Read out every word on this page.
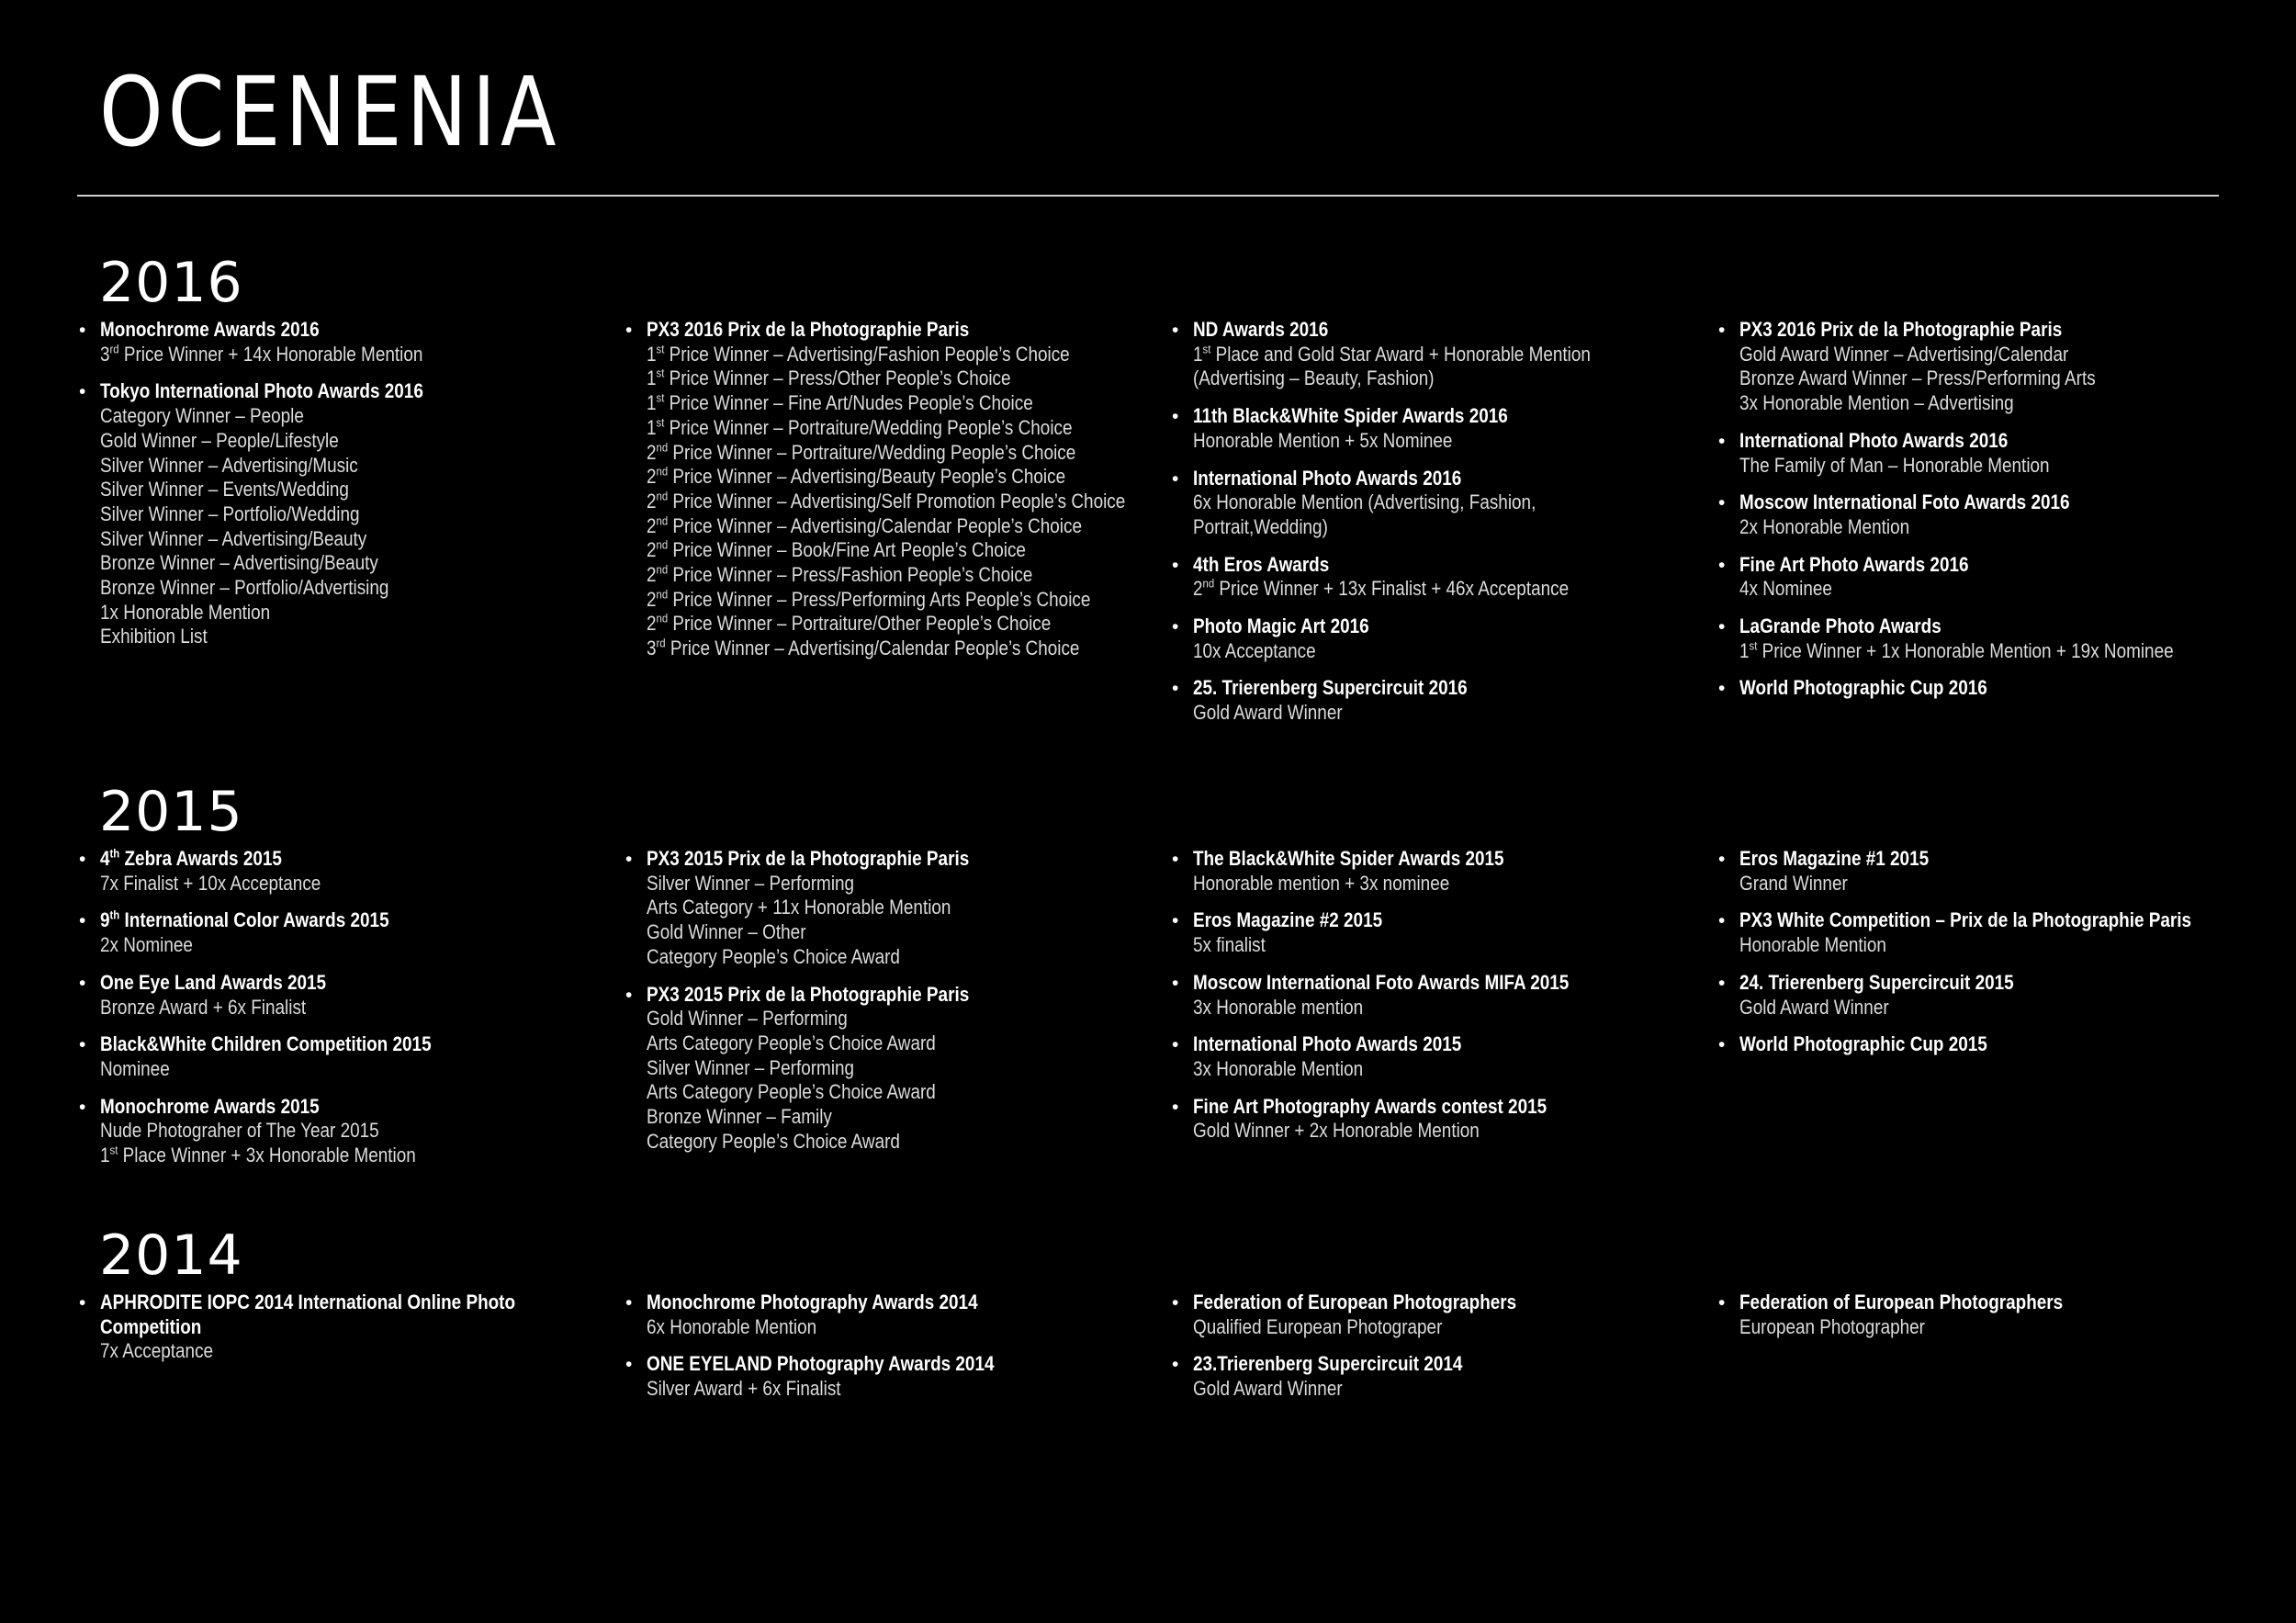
OCENENIA
2016
• Monochrome Awards 2016
3rd Price Winner + 14x Honorable Mention
• Tokyo International Photo Awards 2016
Category Winner – People
Gold Winner – People/Lifestyle
Silver Winner – Advertising/Music
Silver Winner – Events/Wedding
Silver Winner – Portfolio/Wedding
Silver Winner – Advertising/Beauty
Bronze Winner – Advertising/Beauty
Bronze Winner – Portfolio/Advertising
1x Honorable Mention
Exhibition List
• PX3 2016 Prix de la Photographie Paris
1st Price Winner – Advertising/Fashion People’s Choice
1st Price Winner – Press/Other People’s Choice
1st Price Winner – Fine Art/Nudes People’s Choice
1st Price Winner – Portraiture/Wedding People’s Choice
2nd Price Winner – Portraiture/Wedding People’s Choice
2nd Price Winner – Advertising/Beauty People’s Choice
2nd Price Winner – Advertising/Self Promotion People’s Choice
2nd Price Winner – Advertising/Calendar People’s Choice
2nd Price Winner – Book/Fine Art People’s Choice
2nd Price Winner – Press/Fashion People’s Choice
2nd Price Winner – Press/Performing Arts People’s Choice
2nd Price Winner – Portraiture/Other People’s Choice
3rd Price Winner – Advertising/Calendar People’s Choice
• ND Awards 2016
1st Place and Gold Star Award + Honorable Mention
(Advertising – Beauty, Fashion)
• 11th Black&White Spider Awards 2016
Honorable Mention + 5x Nominee
• International Photo Awards 2016
6x Honorable Mention (Advertising, Fashion,
Portrait,Wedding)
• 4th Eros Awards
2nd Price Winner + 13x Finalist + 46x Acceptance
• Photo Magic Art 2016
10x Acceptance
• 25. Trierenberg Supercircuit 2016
Gold Award Winner
• PX3 2016 Prix de la Photographie Paris
Gold Award Winner – Advertising/Calendar
Bronze Award Winner – Press/Performing Arts
3x Honorable Mention – Advertising
• International Photo Awards 2016
The Family of Man – Honorable Mention
• Moscow International Foto Awards 2016
2x Honorable Mention
• Fine Art Photo Awards 2016
4x Nominee
• LaGrande Photo Awards
1st Price Winner + 1x Honorable Mention + 19x Nominee
• World Photographic Cup 2016
2015
• 4th Zebra Awards 2015
7x Finalist + 10x Acceptance
• 9th International Color Awards 2015
2x Nominee
• One Eye Land Awards 2015
Bronze Award + 6x Finalist
• Black&White Children Competition 2015
Nominee
• Monochrome Awards 2015
Nude Photograher of The Year 2015
1st Place Winner + 3x Honorable Mention
• PX3 2015 Prix de la Photographie Paris
Silver Winner – Performing
Arts Category + 11x Honorable Mention
Gold Winner – Other
Category People’s Choice Award
• PX3 2015 Prix de la Photographie Paris
Gold Winner – Performing
Arts Category People’s Choice Award
Silver Winner – Performing
Arts Category People’s Choice Award
Bronze Winner – Family
Category People’s Choice Award
• The Black&White Spider Awards 2015
Honorable mention + 3x nominee
• Eros Magazine #2 2015
5x finalist
• Moscow International Foto Awards MIFA 2015
3x Honorable mention
• International Photo Awards 2015
3x Honorable Mention
• Fine Art Photography Awards contest 2015
Gold Winner + 2x Honorable Mention
• Eros Magazine #1 2015
Grand Winner
• PX3 White Competition – Prix de la Photographie Paris
Honorable Mention
• 24. Trierenberg Supercircuit 2015
Gold Award Winner
• World Photographic Cup 2015
2014
• APHRODITE IOPC 2014 International Online Photo
Competition
7x Acceptance
• Monochrome Photography Awards 2014
6x Honorable Mention
• ONE EYELAND Photography Awards 2014
Silver Award + 6x Finalist
• Federation of European Photographers
Qualified European Photograper
• 23.Trierenberg Supercircuit 2014
Gold Award Winner
• Federation of European Photographers
European Photographer
